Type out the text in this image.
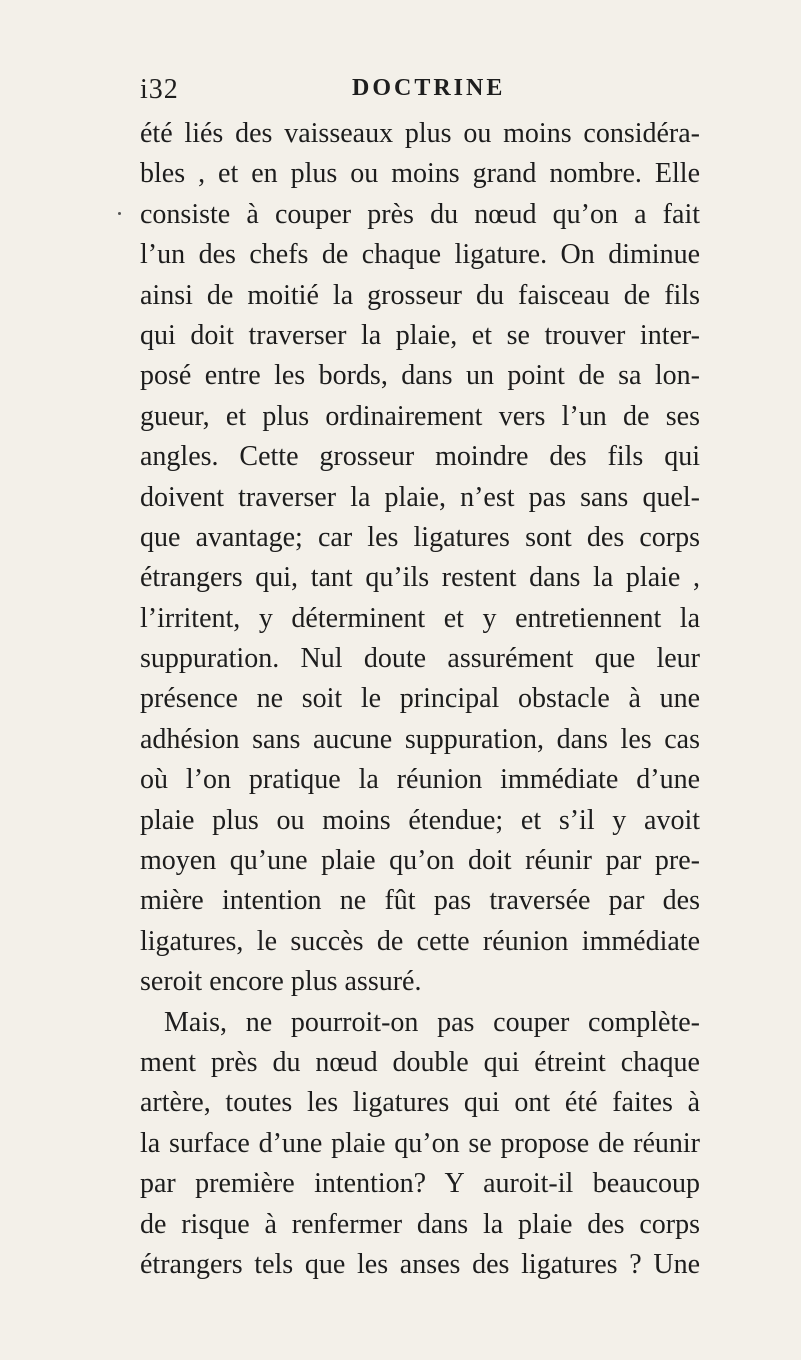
i32	DOCTRINE
été liés des vaisseaux plus ou moins considéra-
bles , et en plus ou moins grand nombre. Elle
consiste à couper près du nœud qu’on a fait
l’un des chefs de chaque ligature. On diminue
ainsi de moitié la grosseur du faisceau de fils
qui doit traverser la plaie, et se trouver inter-
posé entre les bords, dans un point de sa lon-
gueur, et plus ordinairement vers l’un de ses
angles. Cette grosseur moindre des fils qui
doivent traverser la plaie, n’est pas sans quel-
que avantage; car les ligatures sont des corps
étrangers qui, tant qu’ils restent dans la plaie ,
l’irritent, y déterminent et y entretiennent la
suppuration. Nul doute assurément que leur
présence ne soit le principal obstacle à une
adhésion sans aucune suppuration, dans les cas
où l’on pratique la réunion immédiate d’une
plaie plus ou moins étendue; et s’il y avoit
moyen qu’une plaie qu’on doit réunir par pre-
mière intention ne fût pas traversée par des
ligatures, le succès de cette réunion immédiate
seroit encore plus assuré.
Mais, ne pourroit-on pas couper complète-
ment près du nœud double qui étreint chaque
artère, toutes les ligatures qui ont été faites à
la surface d’une plaie qu’on se propose de réunir
par première intention? Y auroit-il beaucoup
de risque à renfermer dans la plaie des corps
étrangers tels que les anses des ligatures ? Une
